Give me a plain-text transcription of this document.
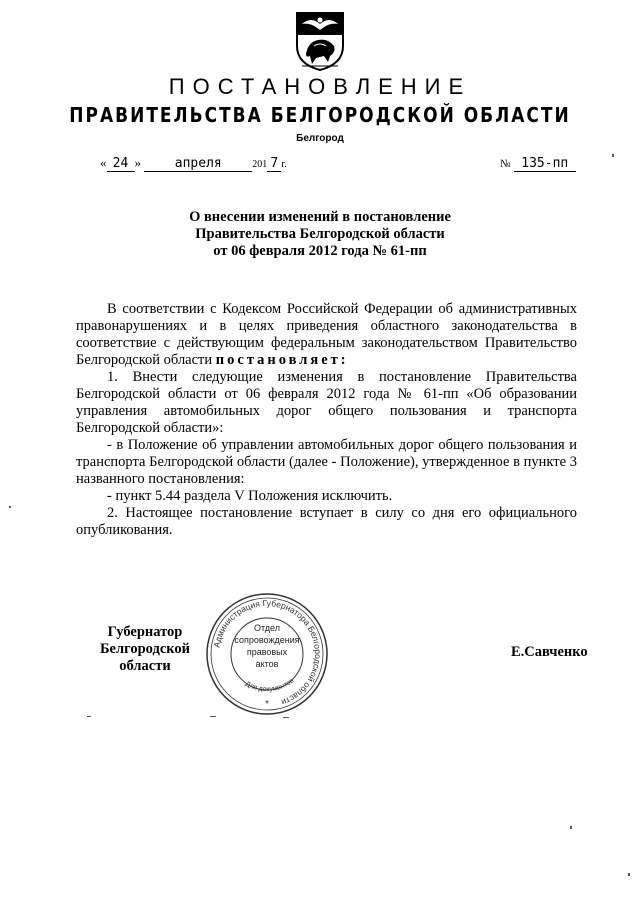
ПОСТАНОВЛЕНИЕ
ПРАВИТЕЛЬСТВА БЕЛГОРОДСКОЙ ОБЛАСТИ
Белгород
« 24 »	апреля	201 7 г.	№ 135-пп
О внесении изменений в постановление
Правительства Белгородской области
от 06 февраля 2012 года № 61-пп

В соответствии с Кодексом Российской Федерации об административных правонарушениях и в целях приведения областного законодательства в соответствие с действующим федеральным законодательством Правительство Белгородской области постановляет:

1. Внести следующие изменения в постановление Правительства Белгородской области от 06 февраля 2012 года № 61-пп «Об образовании управления автомобильных дорог общего пользования и транспорта Белгородской области»:

- в Положение об управлении автомобильных дорог общего пользования и транспорта Белгородской области (далее - Положение), утвержденное в пункте 3 названного постановления:

- пункт 5.44 раздела V Положения исключить.

2. Настоящее постановление вступает в силу со дня его официального опубликования.

Губернатор
Белгородской области
Е.Савченко
Администрация Губернатора Белгородской области
Для документов
*
Отдел
сопровождения
правовых
актов
